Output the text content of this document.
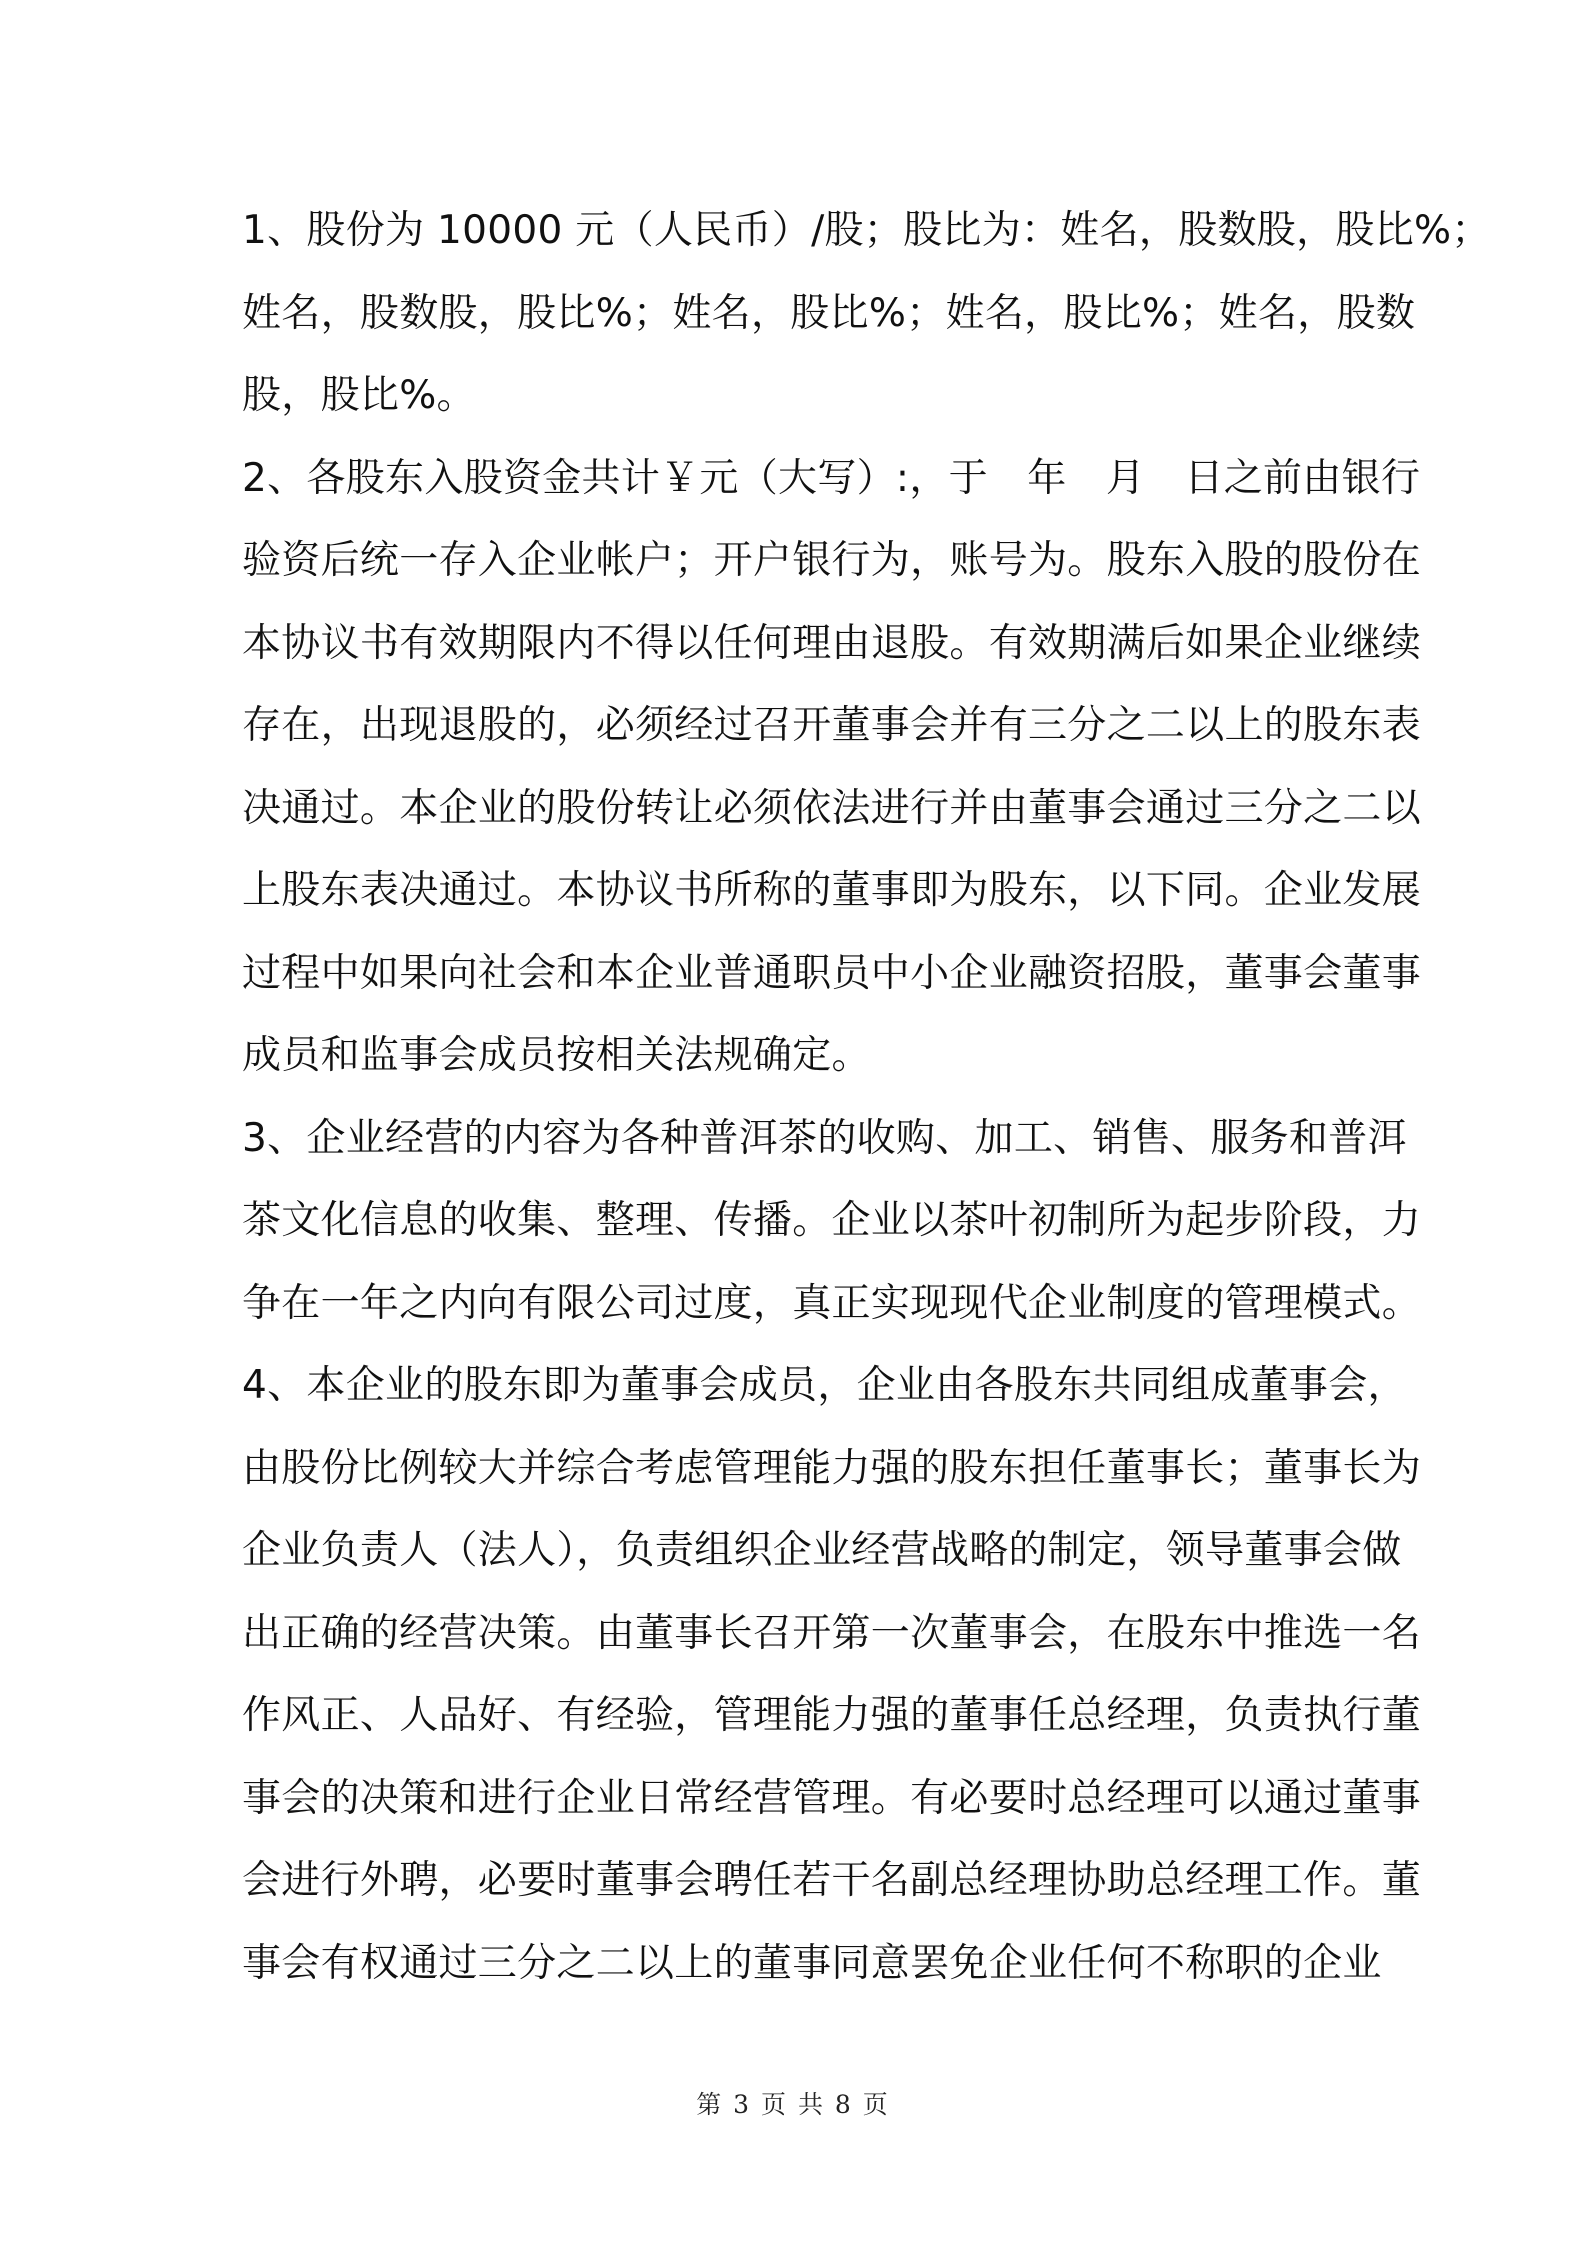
1、股份为 10000 元（人民币）/股；股比为：姓名，股数股，股比%；
姓名，股数股，股比%；姓名，股比%；姓名，股比%；姓名，股数
股，股比%。
2、各股东入股资金共计￥元（大写）:，于　年　月　日之前由银行
验资后统一存入企业帐户；开户银行为，账号为。股东入股的股份在
本协议书有效期限内不得以任何理由退股。有效期满后如果企业继续
存在，出现退股的，必须经过召开董事会并有三分之二以上的股东表
决通过。本企业的股份转让必须依法进行并由董事会通过三分之二以
上股东表决通过。本协议书所称的董事即为股东，以下同。企业发展
过程中如果向社会和本企业普通职员中小企业融资招股，董事会董事
成员和监事会成员按相关法规确定。
3、企业经营的内容为各种普洱茶的收购、加工、销售、服务和普洱
茶文化信息的收集、整理、传播。企业以茶叶初制所为起步阶段，力
争在一年之内向有限公司过度，真正实现现代企业制度的管理模式。
4、本企业的股东即为董事会成员，企业由各股东共同组成董事会，
由股份比例较大并综合考虑管理能力强的股东担任董事长；董事长为
企业负责人（法人），负责组织企业经营战略的制定，领导董事会做
出正确的经营决策。由董事长召开第一次董事会，在股东中推选一名
作风正、人品好、有经验，管理能力强的董事任总经理，负责执行董
事会的决策和进行企业日常经营管理。有必要时总经理可以通过董事
会进行外聘，必要时董事会聘任若干名副总经理协助总经理工作。董
事会有权通过三分之二以上的董事同意罢免企业任何不称职的企业
第 3 页 共 8 页
